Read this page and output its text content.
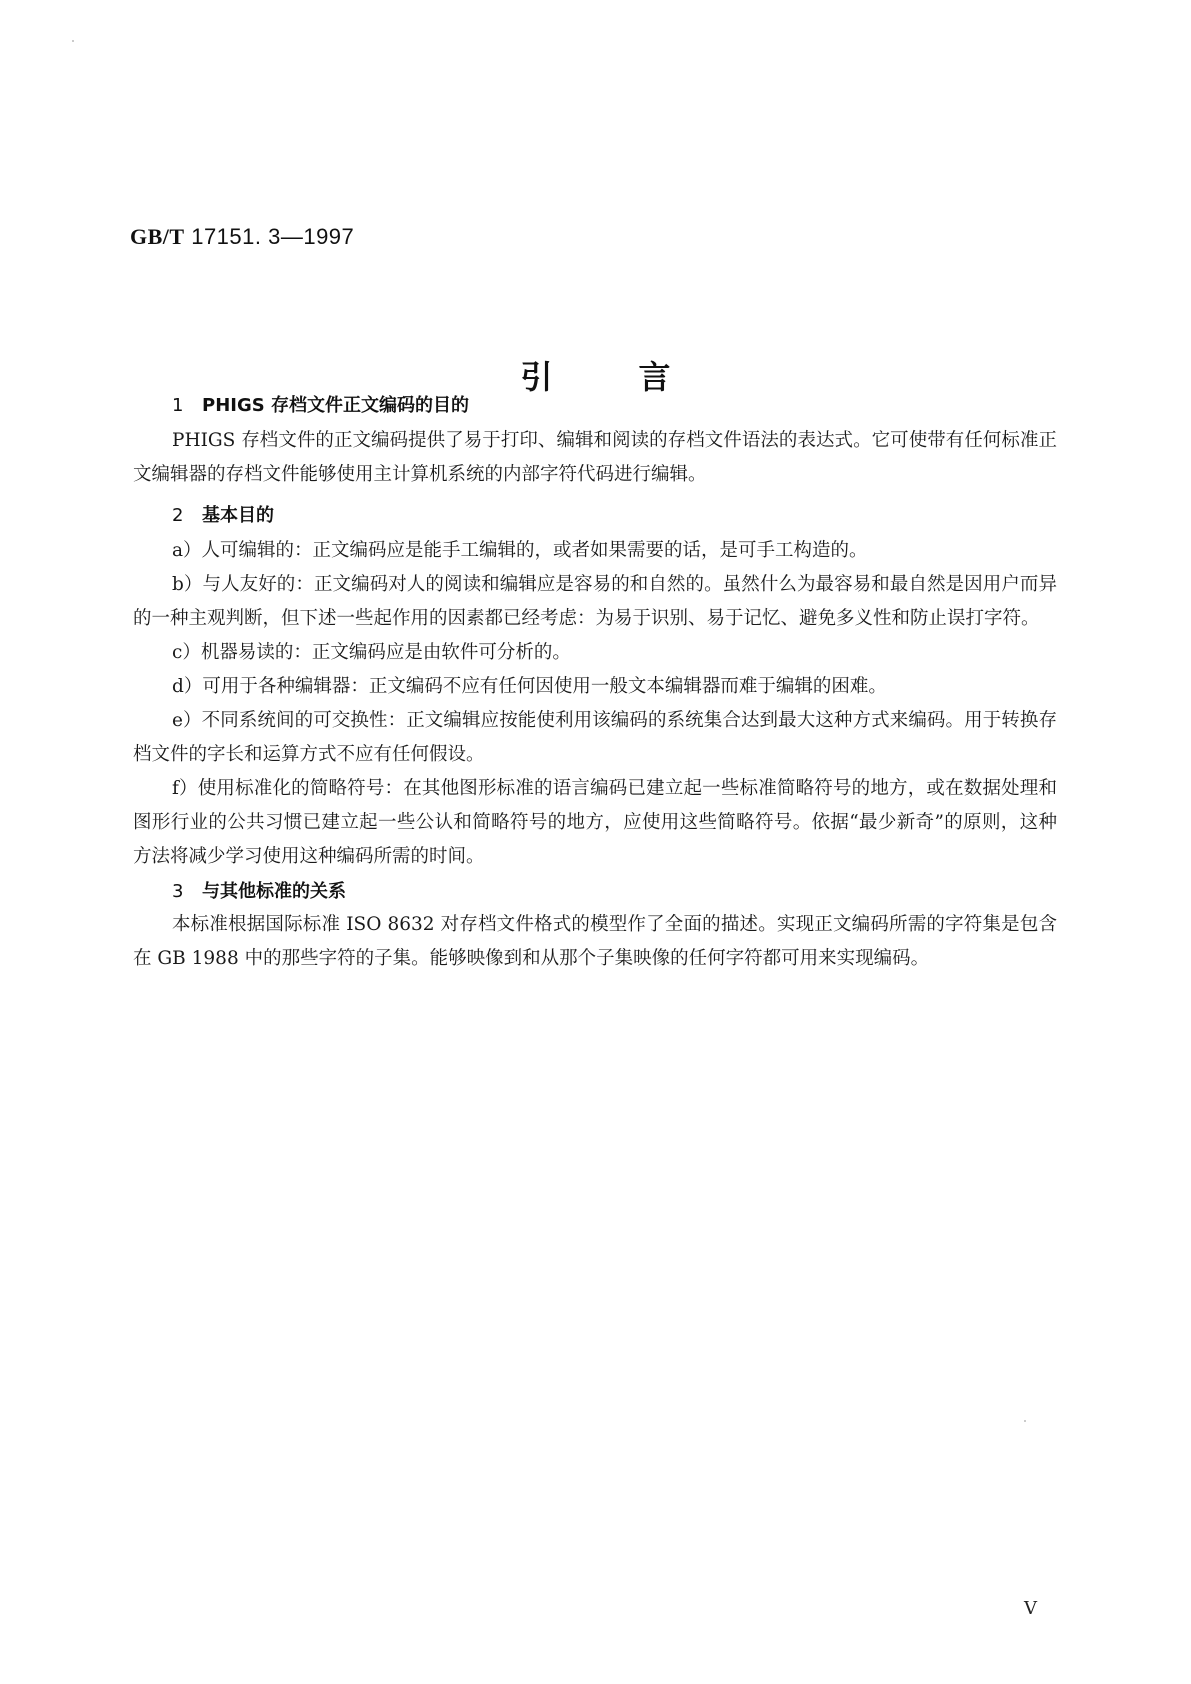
GB/T 17151. 3—1997
引言
1 PHIGS 存档文件正文编码的目的

PHIGS 存档文件的正文编码提供了易于打印、编辑和阅读的存档文件语法的表达式。它可使带有任何标准正文编辑器的存档文件能够使用主计算机系统的内部字符代码进行编辑。

2 基本目的

a）人可编辑的：正文编码应是能手工编辑的，或者如果需要的话，是可手工构造的。

b）与人友好的：正文编码对人的阅读和编辑应是容易的和自然的。虽然什么为最容易和最自然是因用户而异的一种主观判断，但下述一些起作用的因素都已经考虑：为易于识别、易于记忆、避免多义性和防止误打字符。

c）机器易读的：正文编码应是由软件可分析的。

d）可用于各种编辑器：正文编码不应有任何因使用一般文本编辑器而难于编辑的困难。

e）不同系统间的可交换性：正文编辑应按能使利用该编码的系统集合达到最大这种方式来编码。用于转换存档文件的字长和运算方式不应有任何假设。

f）使用标准化的简略符号：在其他图形标准的语言编码已建立起一些标准简略符号的地方，或在数据处理和图形行业的公共习惯已建立起一些公认和简略符号的地方，应使用这些简略符号。依据“最少新奇”的原则，这种方法将减少学习使用这种编码所需的时间。

3 与其他标准的关系

本标准根据国际标准 ISO 8632 对存档文件格式的模型作了全面的描述。实现正文编码所需的字符集是包含在 GB 1988 中的那些字符的子集。能够映像到和从那个子集映像的任何字符都可用来实现编码。

V
